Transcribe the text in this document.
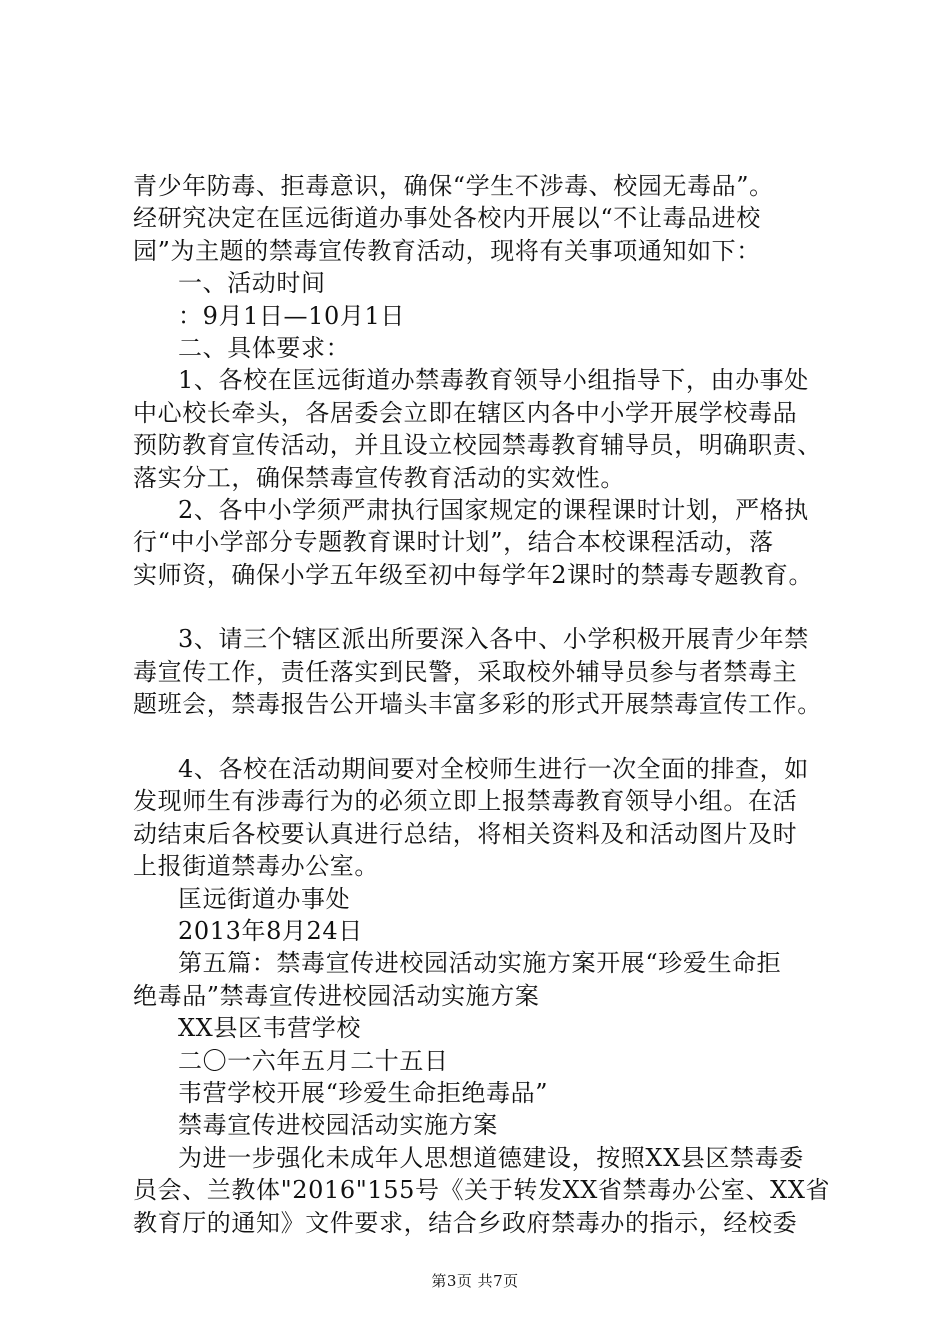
青少年防毒、拒毒意识，确保“学生不涉毒、校园无毒品”。
经研究决定在匡远街道办事处各校内开展以“不让毒品进校
园”为主题的禁毒宣传教育活动，现将有关事项通知如下：
一、活动时间
：9月1日—10月1日
二、具体要求：
1、各校在匡远街道办禁毒教育领导小组指导下，由办事处
中心校长牵头，各居委会立即在辖区内各中小学开展学校毒品
预防教育宣传活动，并且设立校园禁毒教育辅导员，明确职责、
落实分工，确保禁毒宣传教育活动的实效性。
2、各中小学须严肃执行国家规定的课程课时计划，严格执
行“中小学部分专题教育课时计划”，结合本校课程活动，落
实师资，确保小学五年级至初中每学年2课时的禁毒专题教育。
3、请三个辖区派出所要深入各中、小学积极开展青少年禁
毒宣传工作，责任落实到民警，采取校外辅导员参与者禁毒主
题班会，禁毒报告公开墙头丰富多彩的形式开展禁毒宣传工作。
4、各校在活动期间要对全校师生进行一次全面的排查，如
发现师生有涉毒行为的必须立即上报禁毒教育领导小组。在活
动结束后各校要认真进行总结，将相关资料及和活动图片及时
上报街道禁毒办公室。
匡远街道办事处
2013年8月24日
第五篇：禁毒宣传进校园活动实施方案开展“珍爱生命拒
绝毒品”禁毒宣传进校园活动实施方案
XX县区韦营学校
二〇一六年五月二十五日
韦营学校开展“珍爱生命拒绝毒品”
禁毒宣传进校园活动实施方案
为进一步强化未成年人思想道德建设，按照XX县区禁毒委
员会、兰教体"2016"155号《关于转发XX省禁毒办公室、XX省
教育厅的通知》文件要求，结合乡政府禁毒办的指示，经校委
第3页 共7页
